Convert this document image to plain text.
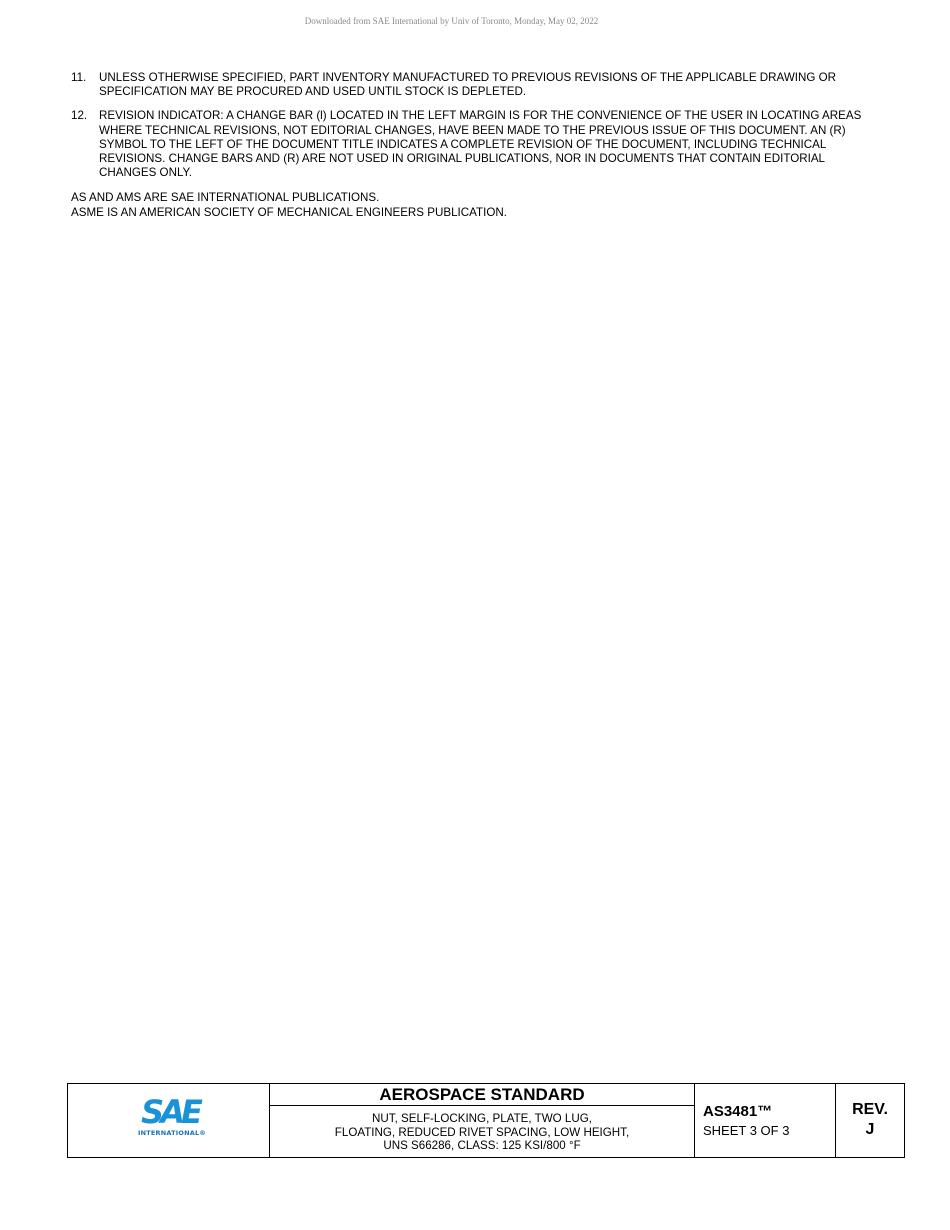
Downloaded from SAE International by Univ of Toronto, Monday, May 02, 2022
11.	UNLESS OTHERWISE SPECIFIED, PART INVENTORY MANUFACTURED TO PREVIOUS REVISIONS OF THE APPLICABLE DRAWING OR SPECIFICATION MAY BE PROCURED AND USED UNTIL STOCK IS DEPLETED.
12.	REVISION INDICATOR: A CHANGE BAR (l) LOCATED IN THE LEFT MARGIN IS FOR THE CONVENIENCE OF THE USER IN LOCATING AREAS WHERE TECHNICAL REVISIONS, NOT EDITORIAL CHANGES, HAVE BEEN MADE TO THE PREVIOUS ISSUE OF THIS DOCUMENT. AN (R) SYMBOL TO THE LEFT OF THE DOCUMENT TITLE INDICATES A COMPLETE REVISION OF THE DOCUMENT, INCLUDING TECHNICAL REVISIONS. CHANGE BARS AND (R) ARE NOT USED IN ORIGINAL PUBLICATIONS, NOR IN DOCUMENTS THAT CONTAIN EDITORIAL CHANGES ONLY.
AS AND AMS ARE SAE INTERNATIONAL PUBLICATIONS.
ASME IS AN AMERICAN SOCIETY OF MECHANICAL ENGINEERS PUBLICATION.
SAE
INTERNATIONAL®
AEROSPACE STANDARD
NUT, SELF-LOCKING, PLATE, TWO LUG,
FLOATING, REDUCED RIVET SPACING, LOW HEIGHT,
UNS S66286, CLASS: 125 KSI/800 °F
AS3481™
SHEET 3 OF 3
REV.
J
